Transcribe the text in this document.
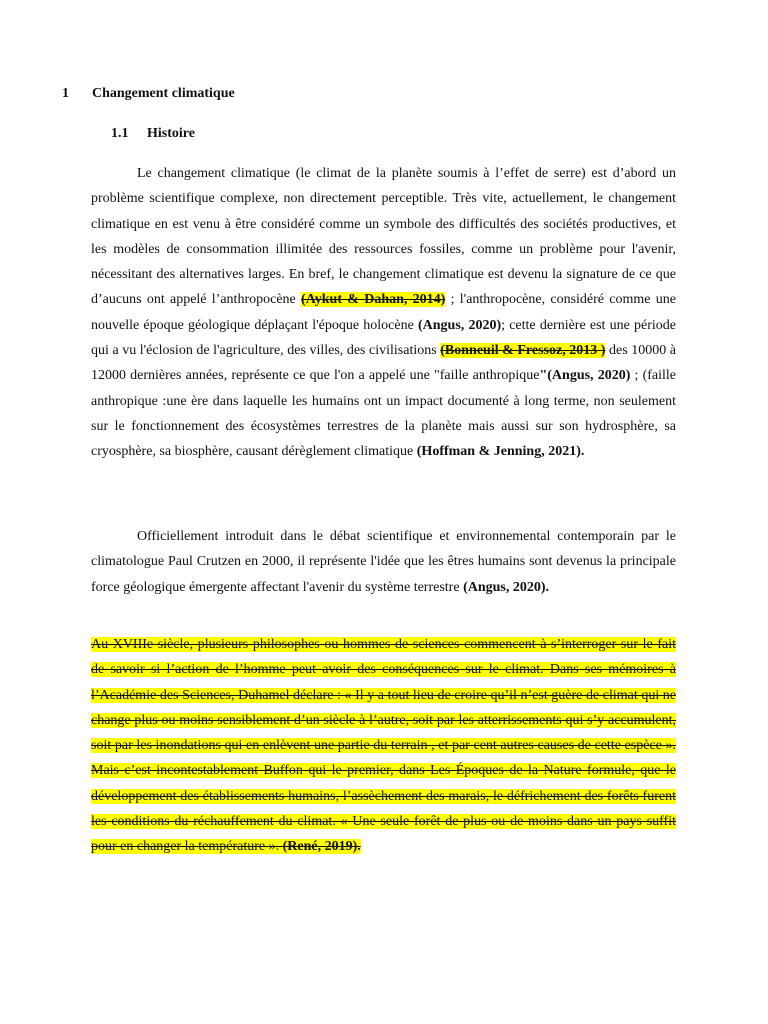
1 Changement climatique
1.1 Histoire
Le changement climatique (le climat de la planète soumis à l’effet de serre) est d’abord un problème scientifique complexe, non directement perceptible. Très vite, actuellement, le changement climatique en est venu à être considéré comme un symbole des difficultés des sociétés productives, et les modèles de consommation illimitée des ressources fossiles, comme un problème pour l'avenir, nécessitant des alternatives larges. En bref, le changement climatique est devenu la signature de ce que d’aucuns ont appelé l’anthropocène (Aykut & Dahan, 2014) ; l'anthropocène, considéré comme une nouvelle époque géologique déplaçant l'époque holocène (Angus, 2020); cette dernière est une période qui a vu l'éclosion de l'agriculture, des villes, des civilisations (Bonneuil & Fressoz, 2013 ) des 10000 à 12000 dernières années, représente ce que l'on a appelé une "faille anthropique"(Angus, 2020) ; (faille anthropique :une ère dans laquelle les humains ont un impact documenté à long terme, non seulement sur le fonctionnement des écosystèmes terrestres de la planète mais aussi sur son hydrosphère, sa cryosphère, sa biosphère, causant dérèglement climatique (Hoffman & Jenning, 2021).
Officiellement introduit dans le débat scientifique et environnemental contemporain par le climatologue Paul Crutzen en 2000, il représente l'idée que les êtres humains sont devenus la principale force géologique émergente affectant l'avenir du système terrestre (Angus, 2020).
Au XVIIIe siècle, plusieurs philosophes ou hommes de sciences commencent à s’interroger sur le fait de savoir si l’action de l’homme peut avoir des conséquences sur le climat. Dans ses mémoires à l’Académie des Sciences, Duhamel déclare : « Il y a tout lieu de croire qu’il n’est guère de climat qui ne change plus ou moins sensiblement d’un siècle à l’autre, soit par les atterrissements qui s’y accumulent, soit par les inondations qui en enlèvent une partie du terrain , et par cent autres causes de cette espèce ». Mais c’est incontestablement Buffon qui le premier, dans Les Époques de la Nature formule, que le développement des établissements humains, l’assèchement des marais, le défrichement des forêts furent les conditions du réchauffement du climat. « Une seule forêt de plus ou de moins dans un pays suffit pour en changer la température ». (René, 2019).
